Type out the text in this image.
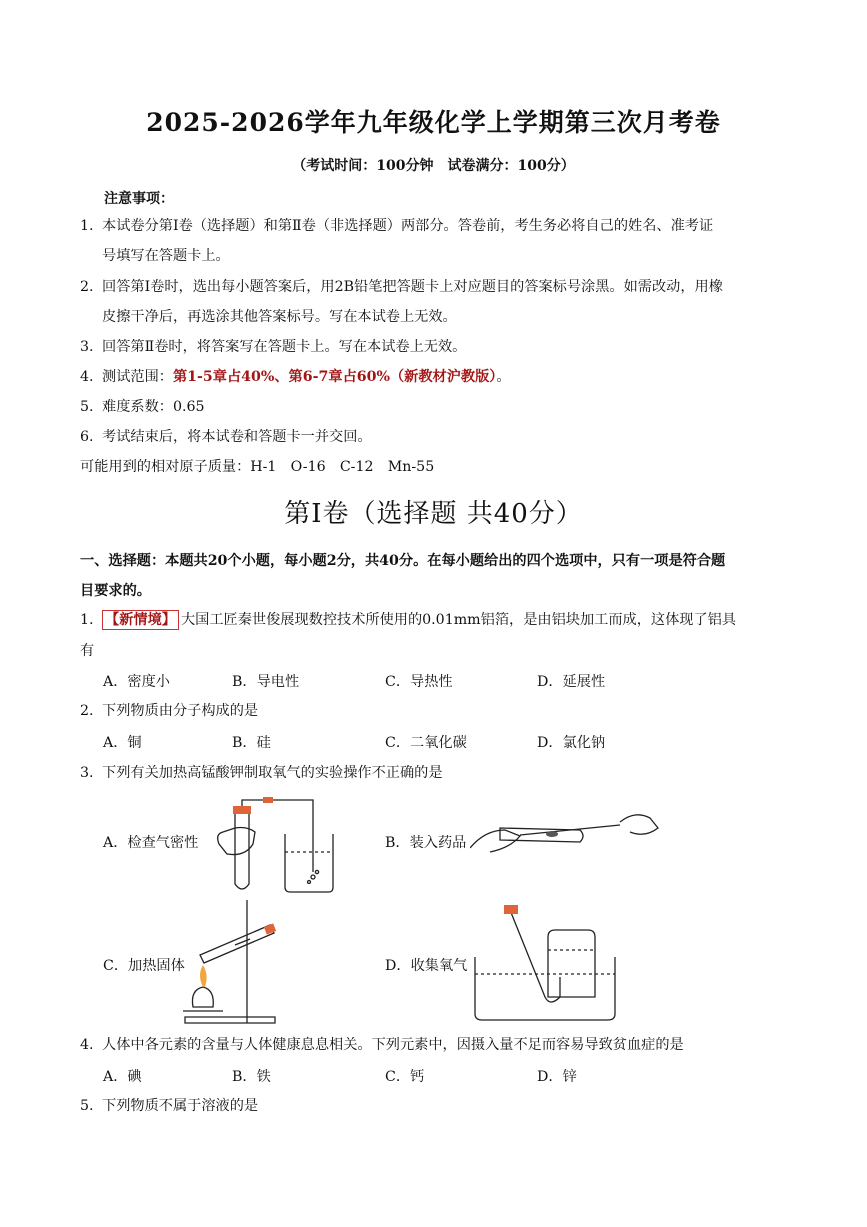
2025-2026学年九年级化学上学期第三次月考卷
（考试时间：100分钟　试卷满分：100分）
注意事项：
1. 本试卷分第Ⅰ卷（选择题）和第Ⅱ卷（非选择题）两部分。答卷前，考生务必将自己的姓名、准考证
号填写在答题卡上。
2. 回答第Ⅰ卷时，选出每小题答案后，用2B铅笔把答题卡上对应题目的答案标号涂黑。如需改动，用橡
皮擦干净后，再选涂其他答案标号。写在本试卷上无效。
3. 回答第Ⅱ卷时，将答案写在答题卡上。写在本试卷上无效。
4. 测试范围：第1-5章占40%、第6-7章占60%（新教材沪教版）。
5. 难度系数：0.65
6. 考试结束后，将本试卷和答题卡一并交回。
可能用到的相对原子质量：H-1　O-16　C-12　Mn-55
第Ⅰ卷（选择题 共40分）
一、选择题：本题共20个小题，每小题2分，共40分。在每小题给出的四个选项中，只有一项是符合题
目要求的。
1. 【新情境】 大国工匠秦世俊展现数控技术所使用的0.01mm铝箔，是由铝块加工而成，这体现了铝具
有
A．密度小	B．导电性	C．导热性	D．延展性
2. 下列物质由分子构成的是
A．铜	B．硅	C．二氧化碳	D．氯化钠
3. 下列有关加热高锰酸钾制取氧气的实验操作不正确的是
A．检查气密性	B．装入药品
C．加热固体	D．收集氧气
4. 人体中各元素的含量与人体健康息息相关。下列元素中，因摄入量不足而容易导致贫血症的是
A．碘	B．铁	C．钙	D．锌
5. 下列物质不属于溶液的是
